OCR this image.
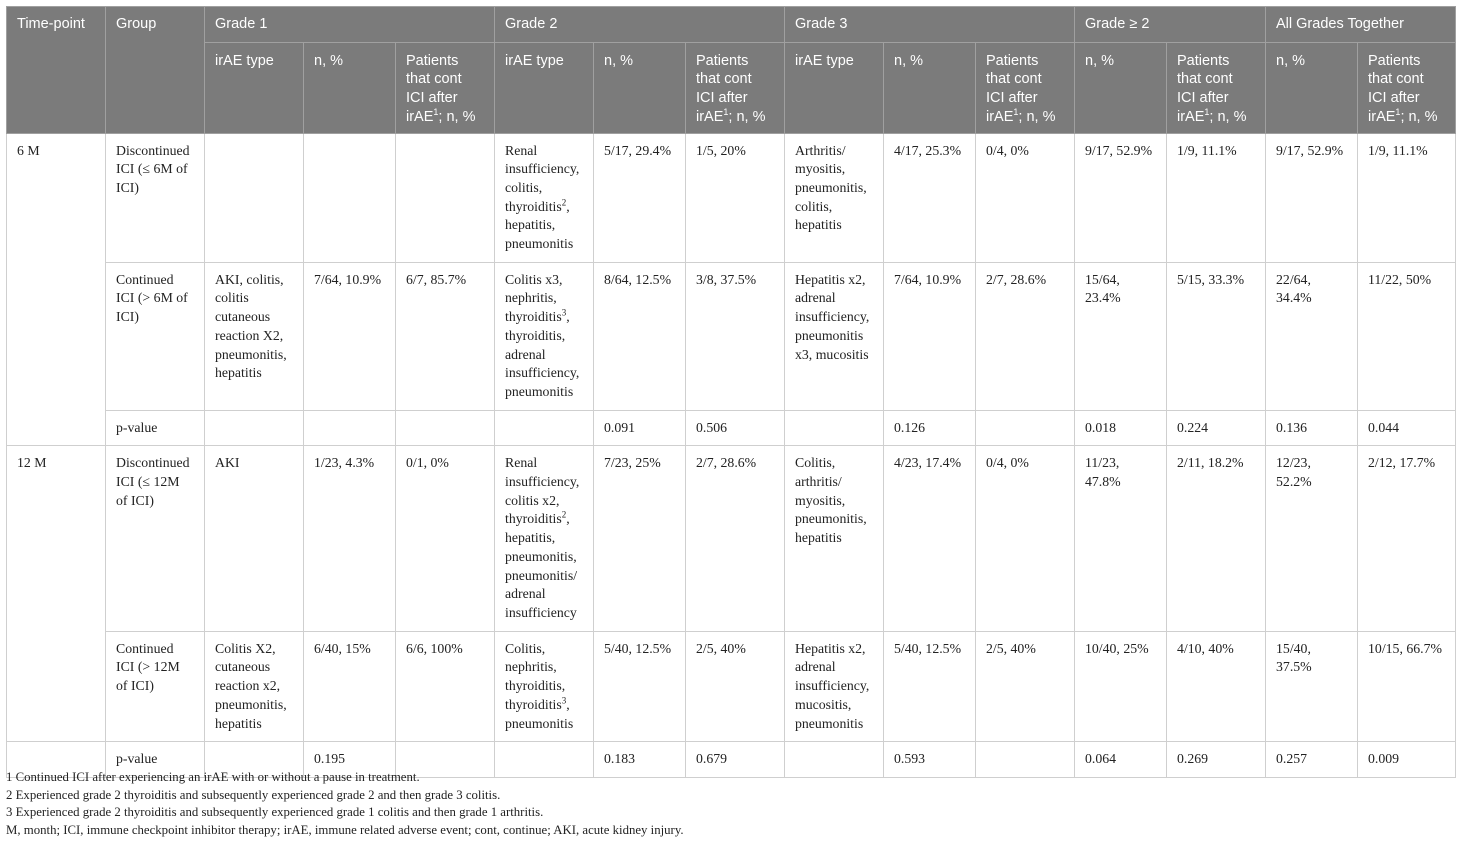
Time-point	Group	Grade 1			Grade 2			Grade 3			Grade ≥ 2		All Grades Together	
		irAE type	n, %	Patients that cont ICI after irAE$^1$; n, %	irAE type	n, %	Patients that cont ICI after irAE$^1$; n, %	irAE type	n, %	Patients that cont ICI after irAE$^1$; n, %	n, %	Patients that cont ICI after irAE$^1$; n, %	n, %	Patients that cont ICI after irAE$^1$; n, %
6 M	Discontinued ICI (≤ 6M of ICI)				Renal insufficiency, colitis, thyroiditis$^2$, hepatitis, pneumonitis	5/17, 29.4%	1/5, 20%	Arthritis/ myositis, pneumonitis, colitis, hepatitis	4/17, 25.3%	0/4, 0%	9/17, 52.9%	1/9, 11.1%	9/17, 52.9%	1/9, 11.1%
	Continued ICI (> 6M of ICI)	AKI, colitis, colitis cutaneous reaction X2, pneumonitis, hepatitis	7/64, 10.9%	6/7, 85.7%	Colitis x3, nephritis, thyroiditis$^3$, thyroiditis, adrenal insufficiency, pneumonitis	8/64, 12.5%	3/8, 37.5%	Hepatitis x2, adrenal insufficiency, pneumonitis x3, mucositis	7/64, 10.9%	2/7, 28.6%	15/64, 23.4%	5/15, 33.3%	22/64, 34.4%	11/22, 50%
	p-value					0.091	0.506		0.126		0.018	0.224	0.136	0.044
12 M	Discontinued ICI (≤ 12M of ICI)	AKI	1/23, 4.3%	0/1, 0%	Renal insufficiency, colitis x2, thyroiditis$^2$, hepatitis, pneumonitis, pneumonitis/ adrenal insufficiency	7/23, 25%	2/7, 28.6%	Colitis, arthritis/ myositis, pneumonitis, hepatitis	4/23, 17.4%	0/4, 0%	11/23, 47.8%	2/11, 18.2%	12/23, 52.2%	2/12, 17.7%
	Continued ICI (> 12M of ICI)	Colitis X2, cutaneous reaction x2, pneumonitis, hepatitis	6/40, 15%	6/6, 100%	Colitis, nephritis, thyroiditis, thyroiditis$^3$, pneumonitis	5/40, 12.5%	2/5, 40%	Hepatitis x2, adrenal insufficiency, mucositis, pneumonitis	5/40, 12.5%	2/5, 40%	10/40, 25%	4/10, 40%	15/40, 37.5%	10/15, 66.7%
	p-value		0.195			0.183	0.679		0.593		0.064	0.269	0.257	0.009
1 Continued ICI after experiencing an irAE with or without a pause in treatment.
2 Experienced grade 2 thyroiditis and subsequently experienced grade 2 and then grade 3 colitis.
3 Experienced grade 2 thyroiditis and subsequently experienced grade 1 colitis and then grade 1 arthritis.
M, month; ICI, immune checkpoint inhibitor therapy; irAE, immune related adverse event; cont, continue; AKI, acute kidney injury.
